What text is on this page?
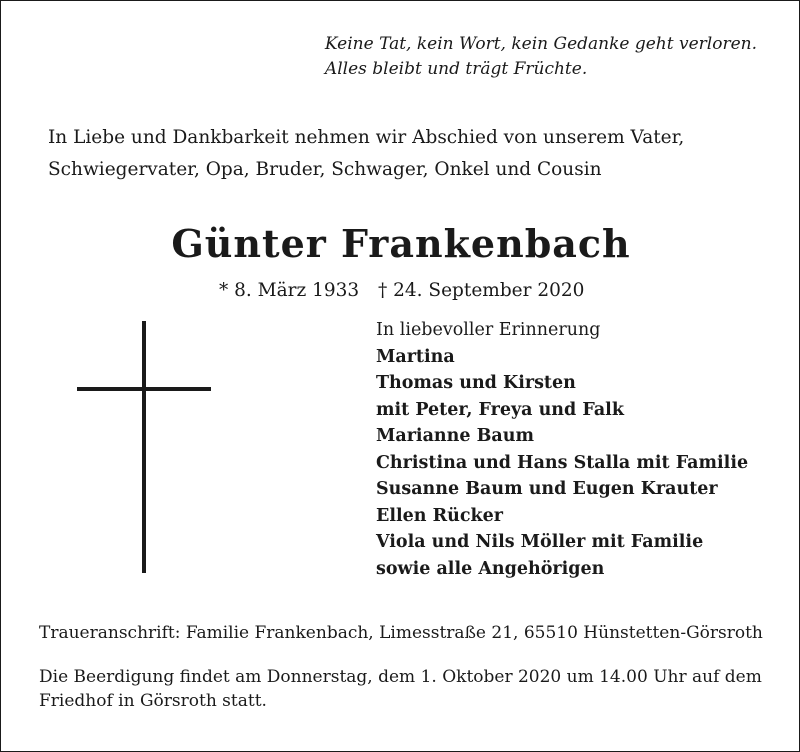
Keine Tat, kein Wort, kein Gedanke geht verloren.
Alles bleibt und trägt Früchte.
In Liebe und Dankbarkeit nehmen wir Abschied von unserem Vater,
Schwiegervater, Opa, Bruder, Schwager, Onkel und Cousin
Günter Frankenbach
* 8. März 1933 † 24. September 2020
In liebevoller Erinnerung
Martina
Thomas und Kirsten
mit Peter, Freya und Falk
Marianne Baum
Christina und Hans Stalla mit Familie
Susanne Baum und Eugen Krauter
Ellen Rücker
Viola und Nils Möller mit Familie
sowie alle Angehörigen
Traueranschrift: Familie Frankenbach, Limesstraße 21, 65510 Hünstetten-Görsroth
Die Beerdigung findet am Donnerstag, dem 1. Oktober 2020 um 14.00 Uhr auf dem
Friedhof in Görsroth statt.
